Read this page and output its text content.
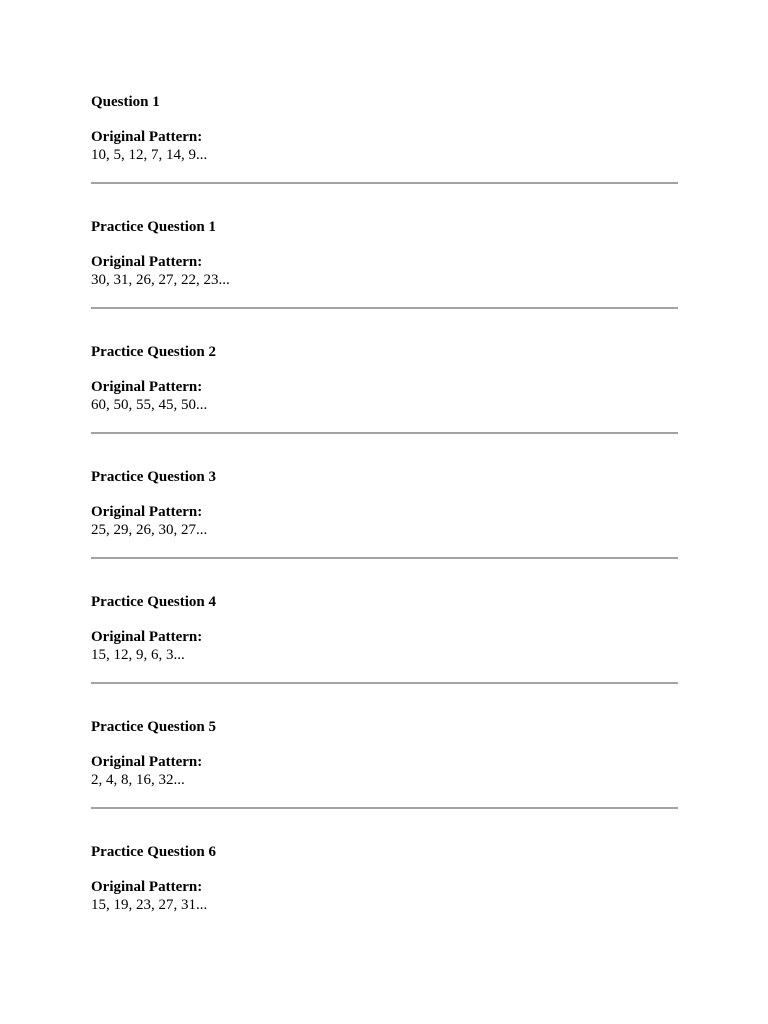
Question 1
Original Pattern:
10, 5, 12, 7, 14, 9...
Practice Question 1
Original Pattern:
30, 31, 26, 27, 22, 23...
Practice Question 2
Original Pattern:
60, 50, 55, 45, 50...
Practice Question 3
Original Pattern:
25, 29, 26, 30, 27...
Practice Question 4
Original Pattern:
15, 12, 9, 6, 3...
Practice Question 5
Original Pattern:
2, 4, 8, 16, 32...
Practice Question 6
Original Pattern:
15, 19, 23, 27, 31...
